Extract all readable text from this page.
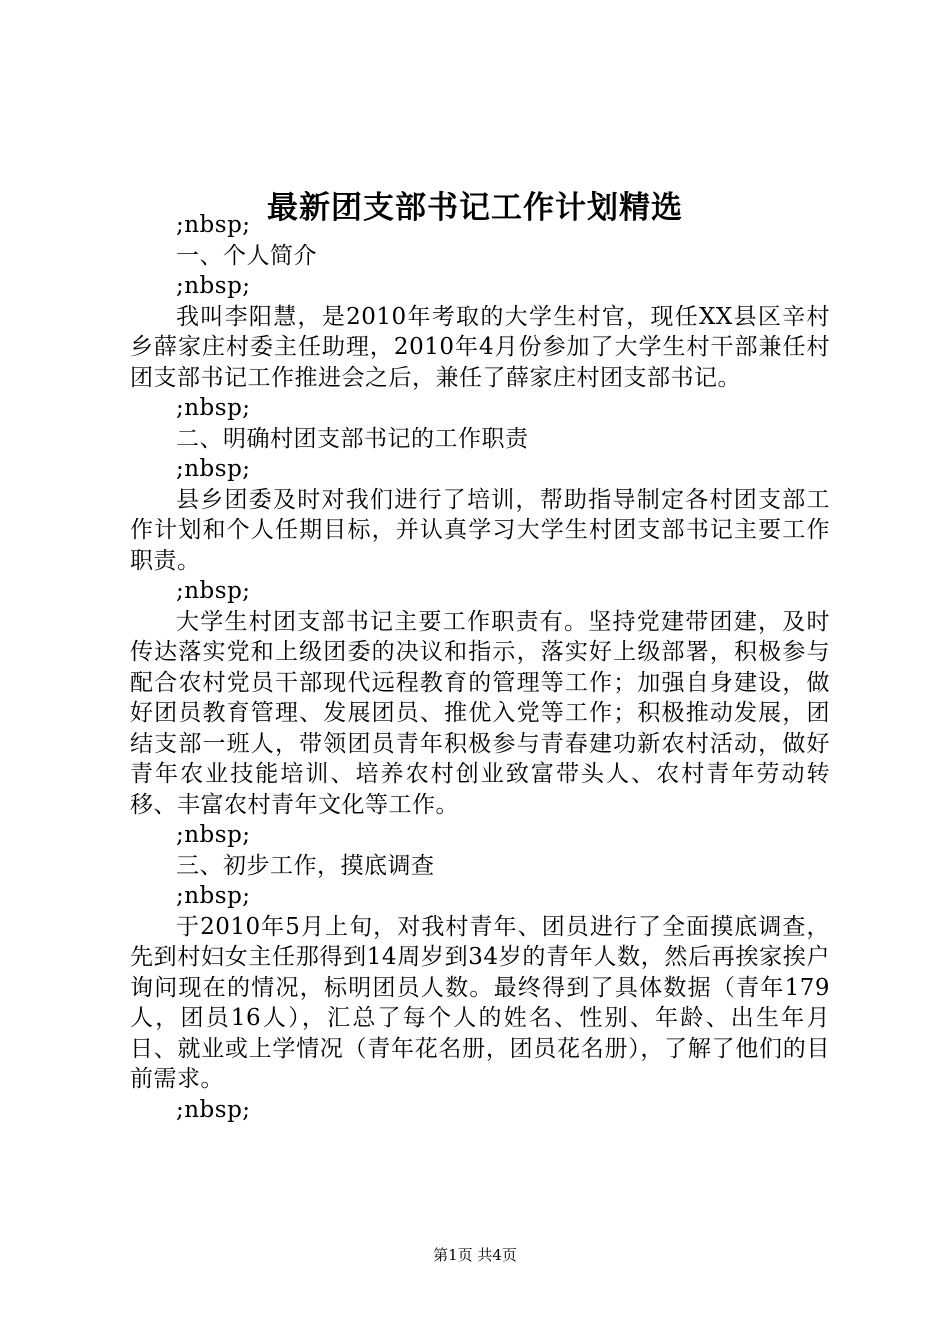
最新团支部书记工作计划精选

;nbsp;

一、个人简介

;nbsp;

我叫李阳慧，是2010年考取的大学生村官，现任XX县区辛村乡薛家庄村委主任助理，2010年4月份参加了大学生村干部兼任村团支部书记工作推进会之后，兼任了薛家庄村团支部书记。

;nbsp;

二、明确村团支部书记的工作职责

;nbsp;

县乡团委及时对我们进行了培训，帮助指导制定各村团支部工作计划和个人任期目标，并认真学习大学生村团支部书记主要工作职责。

;nbsp;

大学生村团支部书记主要工作职责有。坚持党建带团建，及时传达落实党和上级团委的决议和指示，落实好上级部署，积极参与配合农村党员干部现代远程教育的管理等工作；加强自身建设，做好团员教育管理、发展团员、推优入党等工作；积极推动发展，团结支部一班人，带领团员青年积极参与青春建功新农村活动，做好青年农业技能培训、培养农村创业致富带头人、农村青年劳动转移、丰富农村青年文化等工作。

;nbsp;

三、初步工作，摸底调查

;nbsp;

于2010年5月上旬，对我村青年、团员进行了全面摸底调查，先到村妇女主任那得到14周岁到34岁的青年人数，然后再挨家挨户询问现在的情况，标明团员人数。最终得到了具体数据（青年179人，团员16人），汇总了每个人的姓名、性别、年龄、出生年月日、就业或上学情况（青年花名册，团员花名册），了解了他们的目前需求。

;nbsp;

第1页 共4页
